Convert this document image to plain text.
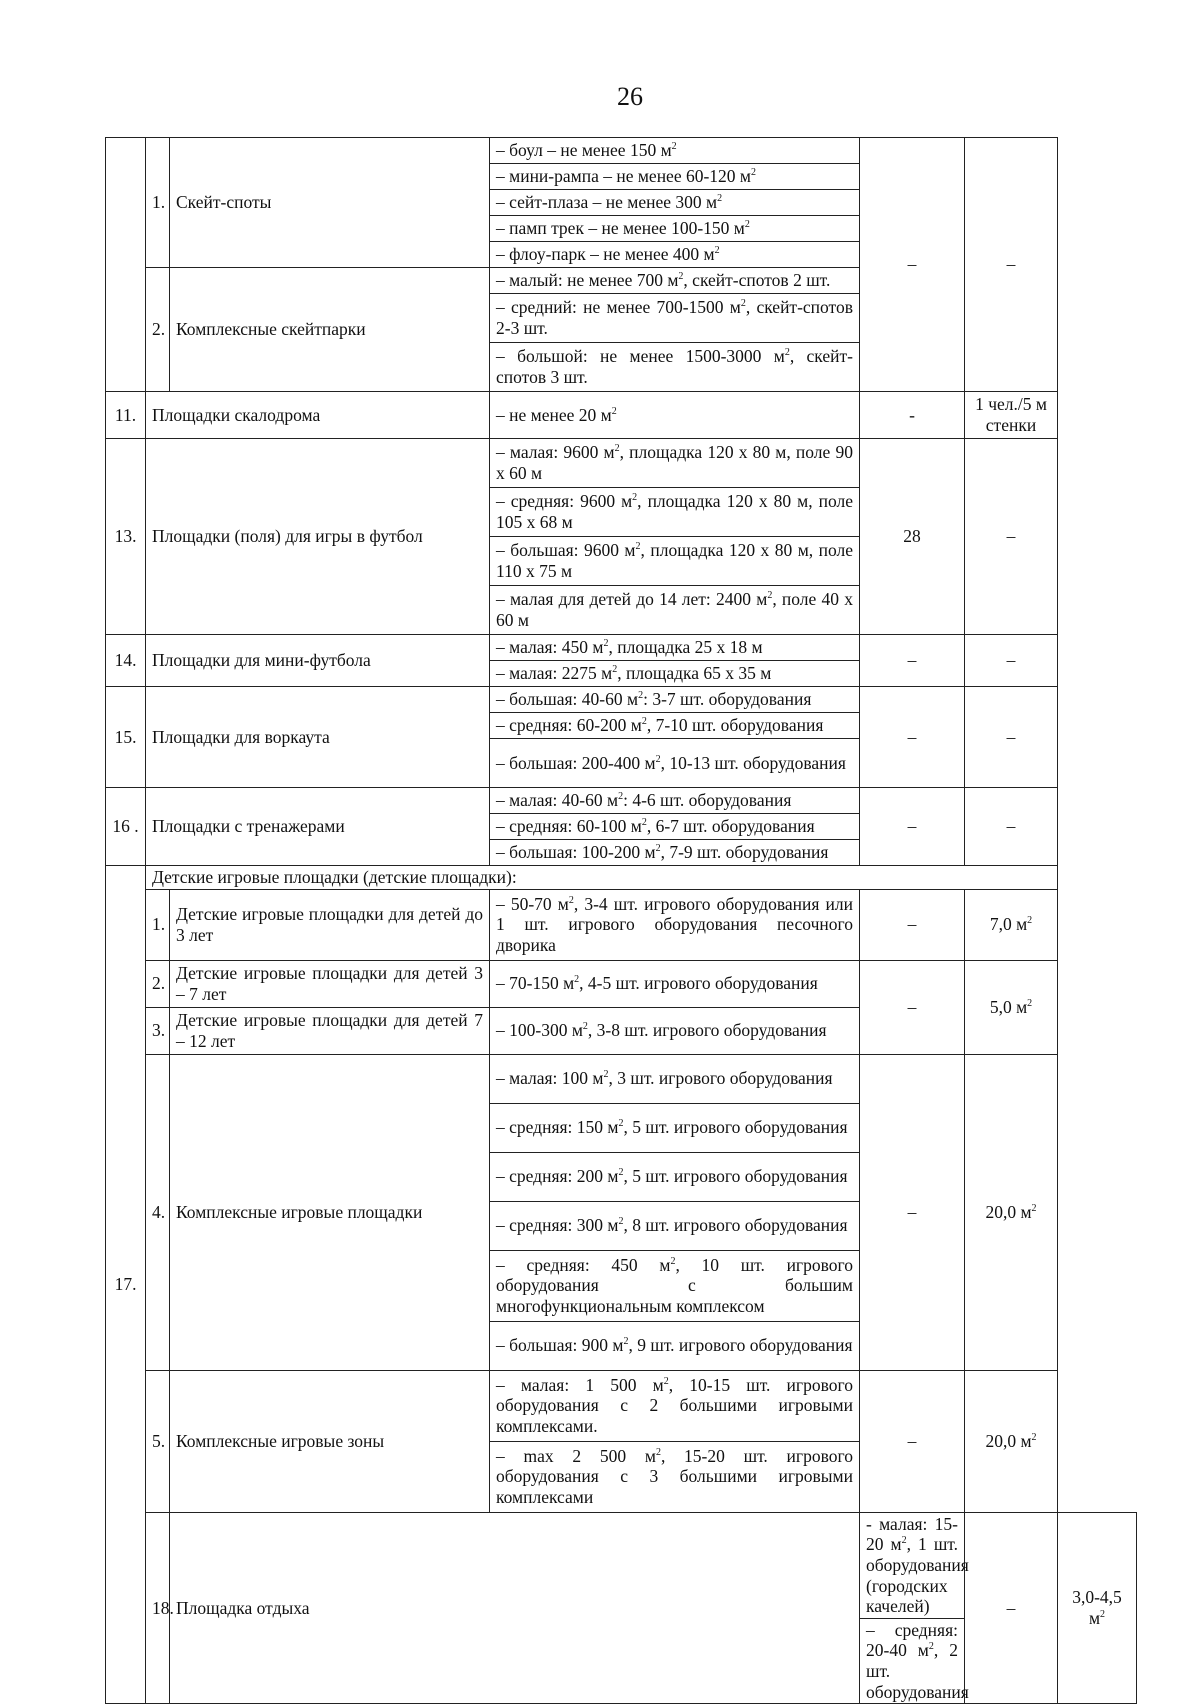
26
	1.	Скейт-споты	– боул – не менее 150 $м^2$	–	–	
			– мини-рампа – не менее 60-120 $м^2$
			– сейт-плаза – не менее 300 $м^2$
			– памп трек – не менее 100-150 $м^2$
			– флоу-парк – не менее 400 $м^2$
	2.	Комплексные скейтпарки	– малый: не менее 700 $м^2$, скейт-спотов 2 шт.			
			– средний: не менее 700-1500 $м^2$, скейт-спотов 2-3 шт.			
			– большой: не менее 1500-3000 $м^2$, скейт-спотов 3 шт.			
11.	Площадки скалодрома		– не менее 20 $м^2$	-	1 чел./5 м стенки	
13.	Площадки (поля) для игры в футбол		– малая: 9600 $м^2$, площадка 120 х 80 м, поле 90 х 60 м	28	–	
			– средняя: 9600 $м^2$, площадка 120 х 80 м, поле 105 х 68 м			
			– большая: 9600 $м^2$, площадка 120 х 80 м, поле 110 х 75 м			
			– малая для детей до 14 лет: 2400 $м^2$, поле 40 х 60 м			
14.	Площадки для мини-футбола		– малая: 450 $м^2$, площадка 25 х 18 м	–	–	
			– малая: 2275 $м^2$, площадка 65 х 35 м			
15.	Площадки для воркаута		– большая: 40-60 $м^2$: 3-7 шт. оборудования	–	–	
			– средняя: 60-200 $м^2$, 7-10 шт. оборудования			
			– большая: 200-400 $м^2$, 10-13 шт. оборудования			
16 .	Площадки с тренажерами		– малая: 40-60 $м^2$: 4-6 шт. оборудования	–	–	
			– средняя: 60-100 $м^2$, 6-7 шт. оборудования			
			– большая: 100-200 $м^2$, 7-9 шт. оборудования			
17.	Детские игровые площадки (детские площадки):					
	1.	Детские игровые площадки для детей до 3 лет	– 50-70 $м^2$, 3-4 шт. игрового оборудования или 1 шт. игрового оборудования песочного дворика	–	7,0 $м^2$
	2.	Детские игровые площадки для детей 3 – 7 лет	– 70-150 $м^2$, 4-5 шт. игрового оборудования	–	5,0 $м^2$
	3.	Детские игровые площадки для детей 7 – 12 лет	– 100-300 $м^2$, 3-8 шт. игрового оборудования			
	4.	Комплексные игровые площадки	– малая: 100 $м^2$, 3 шт. игрового оборудования	–	20,0 $м^2$
			– средняя: 150 $м^2$, 5 шт. игрового оборудования			
			– средняя: 200 $м^2$, 5 шт. игрового оборудования			
			– средняя: 300 $м^2$, 8 шт. игрового оборудования			
			– средняя: 450 $м^2$, 10 шт. игрового оборудования с большим многофункциональным комплексом			
			– большая: 900 $м^2$, 9 шт. игрового оборудования			
	5.	Комплексные игровые зоны	– малая: 1 500 $м^2$, 10-15 шт. игрового оборудования с 2 большими игровыми комплексами.	–	20,0 $м^2$
			– max 2 500 $м^2$, 15-20 шт. игрового оборудования с 3 большими игровыми комплексами			
	18.	Площадка отдыха		- малая: 15-20 $м^2$, 1 шт. оборудования (городских качелей)	–	3,0-4,5 $м^2$
				– средняя: 20-40 $м^2$, 2 шт. оборудования		
